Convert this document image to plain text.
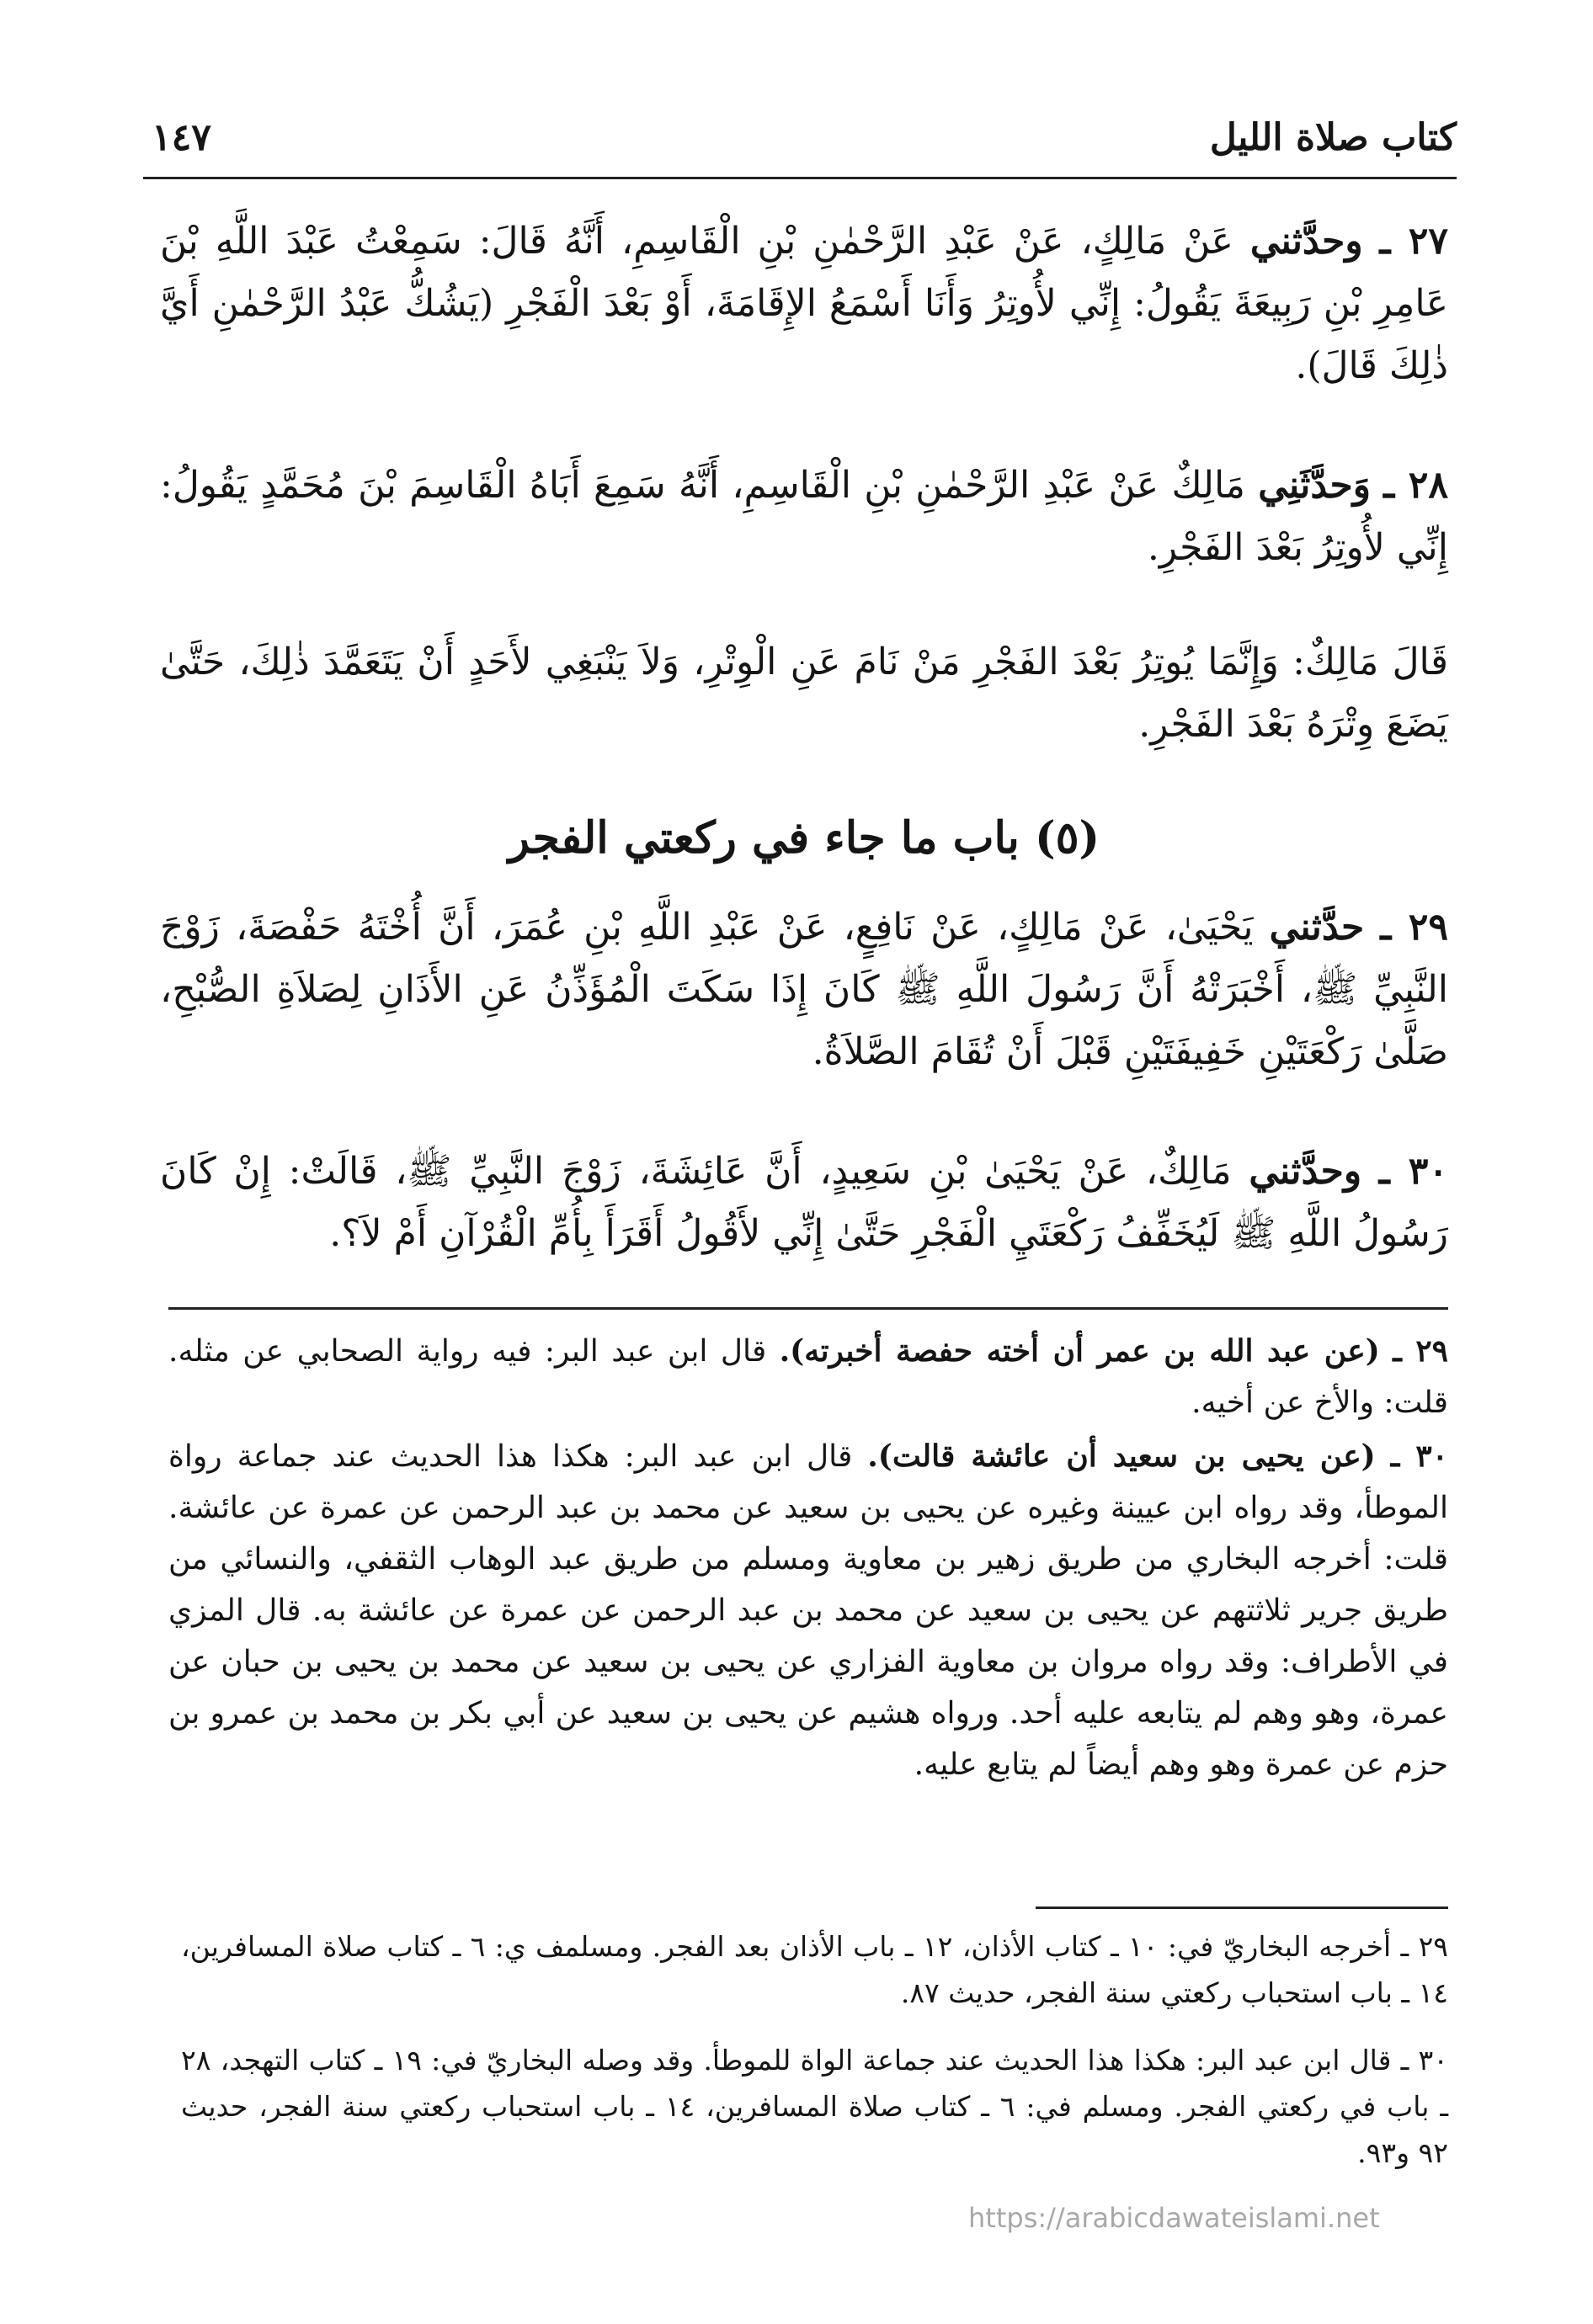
كتاب صلاة الليل
١٤٧

٢٧ ـ وحدَّثني عَنْ مَالِكٍ، عَنْ عَبْدِ الرَّحْمٰنِ بْنِ الْقَاسِمِ، أَنَّهُ قَالَ: سَمِعْتُ عَبْدَ اللَّهِ بْنَ عَامِرِ بْنِ رَبِيعَةَ يَقُولُ: إِنِّي لأُوتِرُ وَأَنَا أَسْمَعُ الإِقَامَةَ، أَوْ بَعْدَ الْفَجْرِ (يَشُكُّ عَبْدُ الرَّحْمٰنِ أَيَّ ذٰلِكَ قَالَ).

٢٨ ـ وَحدَّثَنِي مَالِكٌ عَنْ عَبْدِ الرَّحْمٰنِ بْنِ الْقَاسِمِ، أَنَّهُ سَمِعَ أَبَاهُ الْقَاسِمَ بْنَ مُحَمَّدٍ يَقُولُ: إِنِّي لأُوتِرُ بَعْدَ الفَجْرِ.

قَالَ مَالِكٌ: وَإِنَّمَا يُوتِرُ بَعْدَ الفَجْرِ مَنْ نَامَ عَنِ الْوِتْرِ، وَلاَ يَنْبَغِي لأَحَدٍ أَنْ يَتَعَمَّدَ ذٰلِكَ، حَتَّىٰ يَضَعَ وِتْرَهُ بَعْدَ الفَجْرِ.

(٥) باب ما جاء في ركعتي الفجر

٢٩ ـ حدَّثني يَحْيَىٰ، عَنْ مَالِكٍ، عَنْ نَافِعٍ، عَنْ عَبْدِ اللَّهِ بْنِ عُمَرَ، أَنَّ أُخْتَهُ حَفْصَةَ، زَوْجَ النَّبِيِّ ﷺ، أَخْبَرَتْهُ أَنَّ رَسُولَ اللَّهِ ﷺ كَانَ إِذَا سَكَتَ الْمُؤَذِّنُ عَنِ الأَذَانِ لِصَلاَةِ الصُّبْحِ، صَلَّىٰ رَكْعَتَيْنِ خَفِيفَتَيْنِ قَبْلَ أَنْ تُقَامَ الصَّلاَةُ.

٣٠ ـ وحدَّثني مَالِكٌ، عَنْ يَحْيَىٰ بْنِ سَعِيدٍ، أَنَّ عَائِشَةَ، زَوْجَ النَّبِيِّ ﷺ، قَالَتْ: إِنْ كَانَ رَسُولُ اللَّهِ ﷺ لَيُخَفِّفُ رَكْعَتَيِ الْفَجْرِ حَتَّىٰ إِنِّي لأَقُولُ أَقَرَأَ بِأُمِّ الْقُرْآنِ أَمْ لاَ؟.

٢٩ ـ (عن عبد الله بن عمر أن أخته حفصة أخبرته). قال ابن عبد البر: فيه رواية الصحابي عن مثله. قلت: والأخ عن أخيه.

٣٠ ـ (عن يحيى بن سعيد أن عائشة قالت). قال ابن عبد البر: هكذا هذا الحديث عند جماعة رواة الموطأ، وقد رواه ابن عيينة وغيره عن يحيى بن سعيد عن محمد بن عبد الرحمن عن عمرة عن عائشة. قلت: أخرجه البخاري من طريق زهير بن معاوية ومسلم من طريق عبد الوهاب الثقفي، والنسائي من طريق جرير ثلاثتهم عن يحيى بن سعيد عن محمد بن عبد الرحمن عن عمرة عن عائشة به. قال المزي في الأطراف: وقد رواه مروان بن معاوية الفزاري عن يحيى بن سعيد عن محمد بن يحيى بن حبان عن عمرة، وهو وهم لم يتابعه عليه أحد. ورواه هشيم عن يحيى بن سعيد عن أبي بكر بن محمد بن عمرو بن حزم عن عمرة وهو وهم أيضاً لم يتابع عليه.

٢٩ ـ أخرجه البخاريّ في: ١٠ ـ كتاب الأذان، ١٢ ـ باب الأذان بعد الفجر. ومسلمف ي: ٦ ـ كتاب صلاة المسافرين، ١٤ ـ باب استحباب ركعتي سنة الفجر، حديث ٨٧.

٣٠ ـ قال ابن عبد البر: هكذا هذا الحديث عند جماعة الواة للموطأ. وقد وصله البخاريّ في: ١٩ ـ كتاب التهجد، ٢٨ ـ باب في ركعتي الفجر. ومسلم في: ٦ ـ كتاب صلاة المسافرين، ١٤ ـ باب استحباب ركعتي سنة الفجر، حديث ٩٢ و٩٣.

https://arabicdawateislami.net
